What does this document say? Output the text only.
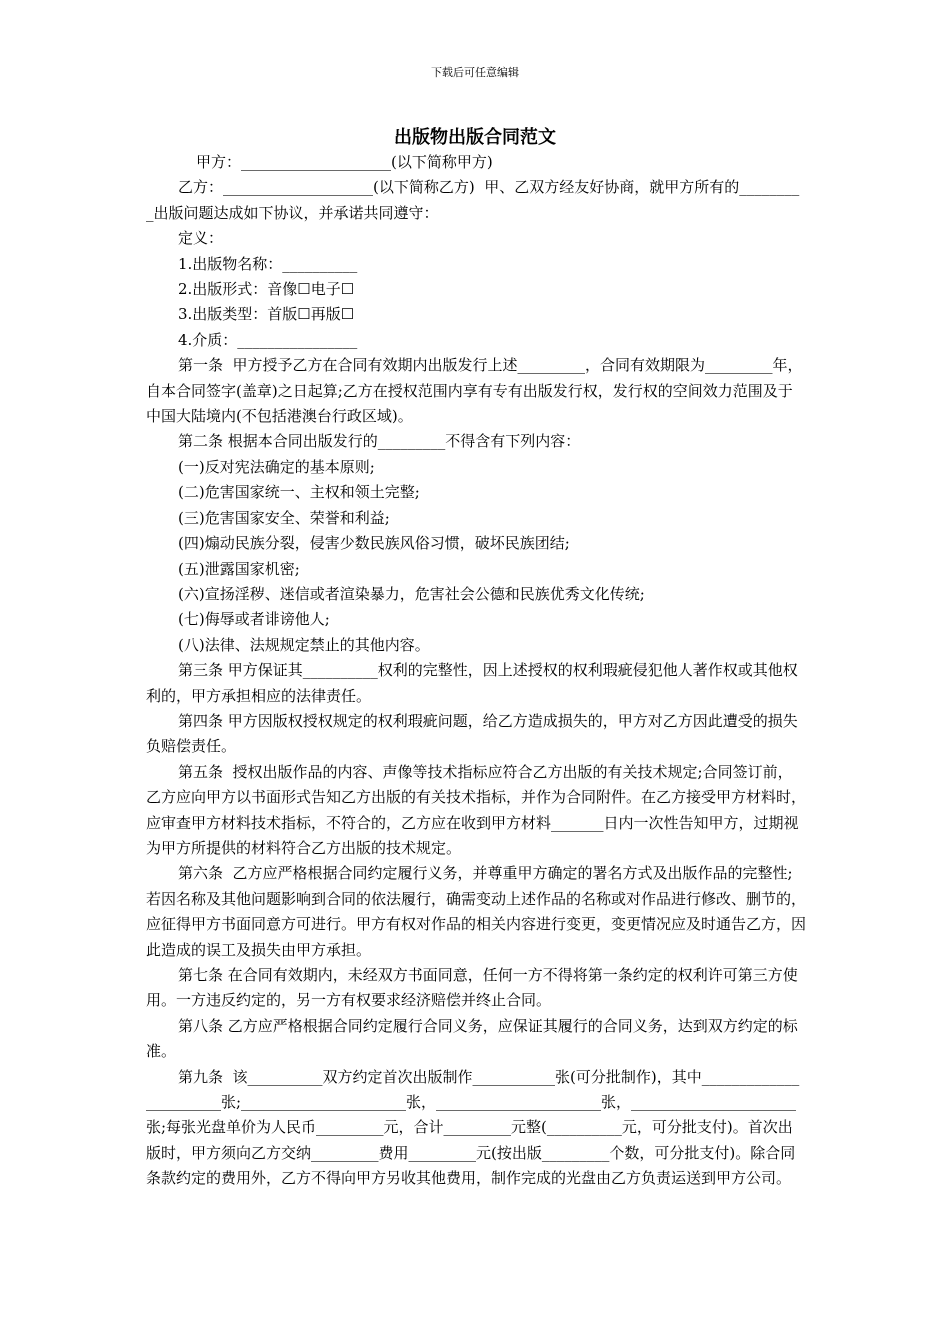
下载后可任意编辑
出版物出版合同范文

甲方：____________________(以下简称甲方)

乙方：____________________(以下简称乙方)  甲、乙双方经友好协商，就甲方所有的_________出版问题达成如下协议，并承诺共同遵守：

定义：

1.出版物名称：__________

2.出版形式：音像☐电子☐

3.出版类型：首版☐再版☐

4.介质：________________

第一条  甲方授予乙方在合同有效期内出版发行上述_________，合同有效期限为_________年，自本合同签字(盖章)之日起算;乙方在授权范围内享有专有出版发行权，发行权的空间效力范围及于中国大陆境内(不包括港澳台行政区域)。

第二条 根据本合同出版发行的_________不得含有下列内容：

(一)反对宪法确定的基本原则;

(二)危害国家统一、主权和领土完整;

(三)危害国家安全、荣誉和利益;

(四)煽动民族分裂，侵害少数民族风俗习惯，破坏民族团结;

(五)泄露国家机密;

(六)宣扬淫秽、迷信或者渲染暴力，危害社会公德和民族优秀文化传统;

(七)侮辱或者诽谤他人;

(八)法律、法规规定禁止的其他内容。

第三条 甲方保证其__________权利的完整性，因上述授权的权利瑕疵侵犯他人著作权或其他权利的，甲方承担相应的法律责任。

第四条 甲方因版权授权规定的权利瑕疵问题，给乙方造成损失的，甲方对乙方因此遭受的损失负赔偿责任。

第五条  授权出版作品的内容、声像等技术指标应符合乙方出版的有关技术规定;合同签订前，乙方应向甲方以书面形式告知乙方出版的有关技术指标，并作为合同附件。在乙方接受甲方材料时，应审查甲方材料技术指标，不符合的，乙方应在收到甲方材料_______日内一次性告知甲方，过期视为甲方所提供的材料符合乙方出版的技术规定。

第六条  乙方应严格根据合同约定履行义务，并尊重甲方确定的署名方式及出版作品的完整性;若因名称及其他问题影响到合同的依法履行，确需变动上述作品的名称或对作品进行修改、删节的，应征得甲方书面同意方可进行。甲方有权对作品的相关内容进行变更，变更情况应及时通告乙方，因此造成的误工及损失由甲方承担。

第七条 在合同有效期内，未经双方书面同意，任何一方不得将第一条约定的权利许可第三方使用。一方违反约定的，另一方有权要求经济赔偿并终止合同。

第八条 乙方应严格根据合同约定履行合同义务，应保证其履行的合同义务，达到双方约定的标准。

第九条  该__________双方约定首次出版制作___________张(可分批制作)，其中_______________________张;______________________张，______________________张，______________________张;每张光盘单价为人民币_________元，合计_________元整(__________元，可分批支付)。首次出版时，甲方须向乙方交纳_________费用_________元(按出版_________个数，可分批支付)。除合同条款约定的费用外，乙方不得向甲方另收其他费用，制作完成的光盘由乙方负责运送到甲方公司。
